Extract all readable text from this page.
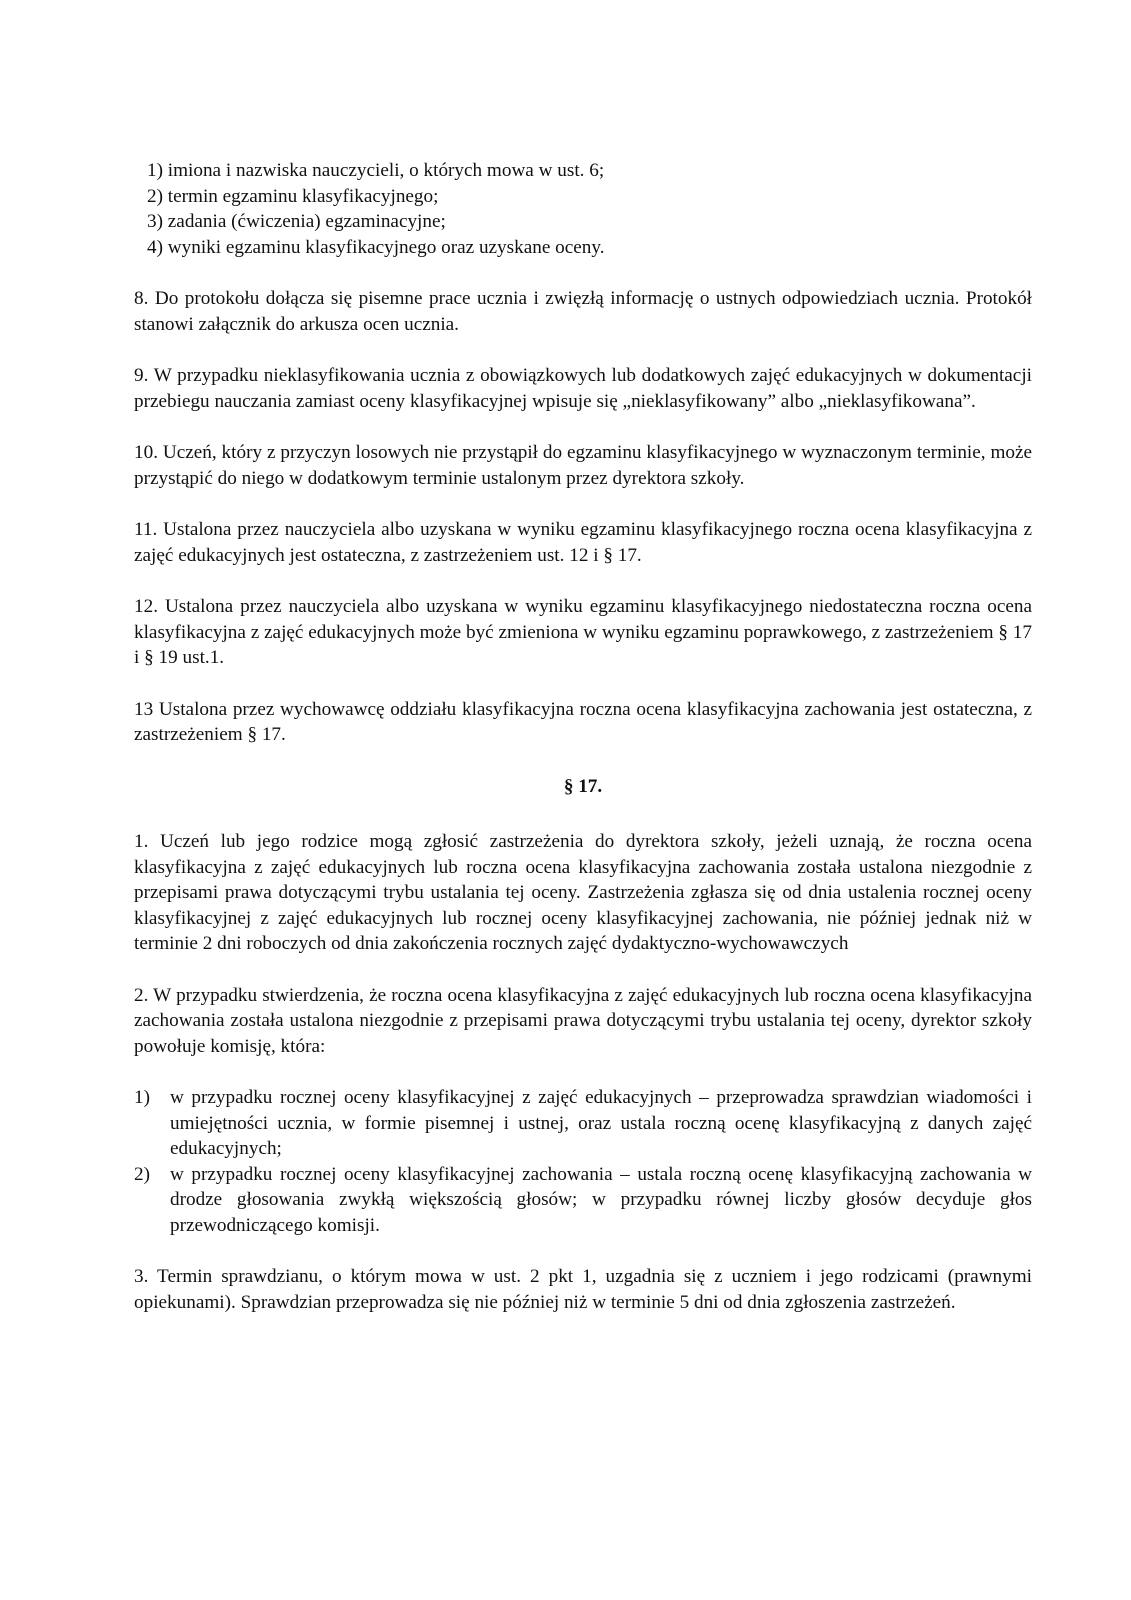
1) imiona i nazwiska nauczycieli, o których mowa w ust. 6;

2) termin egzaminu klasyfikacyjnego;

3) zadania (ćwiczenia) egzaminacyjne;

4) wyniki egzaminu klasyfikacyjnego oraz uzyskane oceny.

8. Do protokołu dołącza się pisemne prace ucznia i zwięzłą informację o ustnych odpowiedziach ucznia. Protokół stanowi załącznik do arkusza ocen ucznia.

9. W przypadku nieklasyfikowania ucznia z obowiązkowych lub dodatkowych zajęć edukacyjnych w dokumentacji przebiegu nauczania zamiast oceny klasyfikacyjnej wpisuje się „nieklasyfikowany” albo „nieklasyfikowana”.

10. Uczeń, który z przyczyn losowych nie przystąpił do egzaminu klasyfikacyjnego w wyznaczonym terminie, może przystąpić do niego w dodatkowym terminie ustalonym przez dyrektora szkoły.

11. Ustalona przez nauczyciela albo uzyskana w wyniku egzaminu klasyfikacyjnego roczna ocena klasyfikacyjna z zajęć edukacyjnych jest ostateczna, z zastrzeżeniem ust. 12 i § 17.

12. Ustalona przez nauczyciela albo uzyskana w wyniku egzaminu klasyfikacyjnego niedostateczna roczna ocena klasyfikacyjna z zajęć edukacyjnych może być zmieniona w wyniku egzaminu poprawkowego, z zastrzeżeniem § 17 i § 19 ust.1.

13 Ustalona przez wychowawcę oddziału klasyfikacyjna roczna ocena klasyfikacyjna zachowania jest ostateczna, z zastrzeżeniem § 17.

§ 17.

1. Uczeń lub jego rodzice mogą zgłosić zastrzeżenia do dyrektora szkoły, jeżeli uznają, że roczna ocena klasyfikacyjna z zajęć edukacyjnych lub roczna ocena klasyfikacyjna zachowania została ustalona niezgodnie z przepisami prawa dotyczącymi trybu ustalania tej oceny. Zastrzeżenia zgłasza się od dnia ustalenia rocznej oceny klasyfikacyjnej z zajęć edukacyjnych lub rocznej oceny klasyfikacyjnej zachowania, nie później jednak niż w terminie 2 dni roboczych od dnia zakończenia rocznych zajęć dydaktyczno-wychowawczych

2. W przypadku stwierdzenia, że roczna ocena klasyfikacyjna z zajęć edukacyjnych lub roczna ocena klasyfikacyjna zachowania została ustalona niezgodnie z przepisami prawa dotyczącymi trybu ustalania tej oceny, dyrektor szkoły powołuje komisję, która:

1)	w przypadku rocznej oceny klasyfikacyjnej z zajęć edukacyjnych – przeprowadza sprawdzian wiadomości i umiejętności ucznia, w formie pisemnej i ustnej, oraz ustala roczną ocenę klasyfikacyjną z danych zajęć edukacyjnych;
2)	w przypadku rocznej oceny klasyfikacyjnej zachowania – ustala roczną ocenę klasyfikacyjną zachowania w drodze głosowania zwykłą większością głosów; w przypadku równej liczby głosów decyduje głos przewodniczącego komisji.

3. Termin sprawdzianu, o którym mowa w ust. 2 pkt 1, uzgadnia się z uczniem i jego rodzicami (prawnymi opiekunami). Sprawdzian przeprowadza się nie później niż w terminie 5 dni od dnia zgłoszenia zastrzeżeń.
